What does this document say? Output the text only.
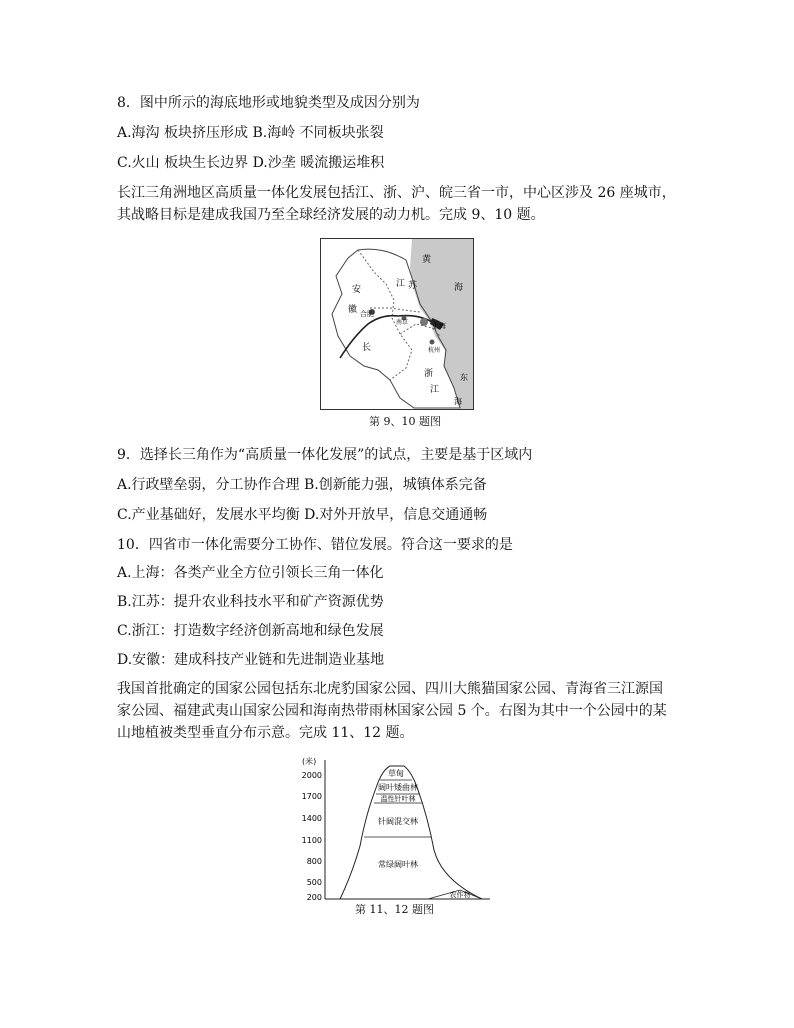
8．图中所示的海底地形或地貌类型及成因分别为
A.海沟 板块挤压形成 B.海岭 不同板块张裂
C.火山 板块生长边界 D.沙垄 暖流搬运堆积
长江三角洲地区高质量一体化发展包括江、浙、沪、皖三省一市，中心区涉及 26 座城市，
其战略目标是建成我国乃至全球经济发展的动力机。完成 9、10 题。
黄
海
东
海
江 苏
安
徽 合肥
南京	上海
杭州
长
浙
江
第 9、10 题图
9．选择长三角作为“高质量一体化发展”的试点，主要是基于区域内
A.行政壁垒弱，分工协作合理 B.创新能力强，城镇体系完备
C.产业基础好，发展水平均衡 D.对外开放早，信息交通通畅
10．四省市一体化需要分工协作、错位发展。符合这一要求的是
A.上海：各类产业全方位引领长三角一体化
B.江苏：提升农业科技水平和矿产资源优势
C.浙江：打造数字经济创新高地和绿色发展
D.安徽：建成科技产业链和先进制造业基地
我国首批确定的国家公园包括东北虎豹国家公园、四川大熊猫国家公园、青海省三江源国
家公园、福建武夷山国家公园和海南热带雨林国家公园 5 个。右图为其中一个公园中的某
山地植被类型垂直分布示意。完成 11、12 题。
(米)
2000
1700
1400
1100
800
500
200
草甸
阔叶矮曲林
温性针叶林
针阔混交林
常绿阔叶林
农作物
第 11、12 题图
